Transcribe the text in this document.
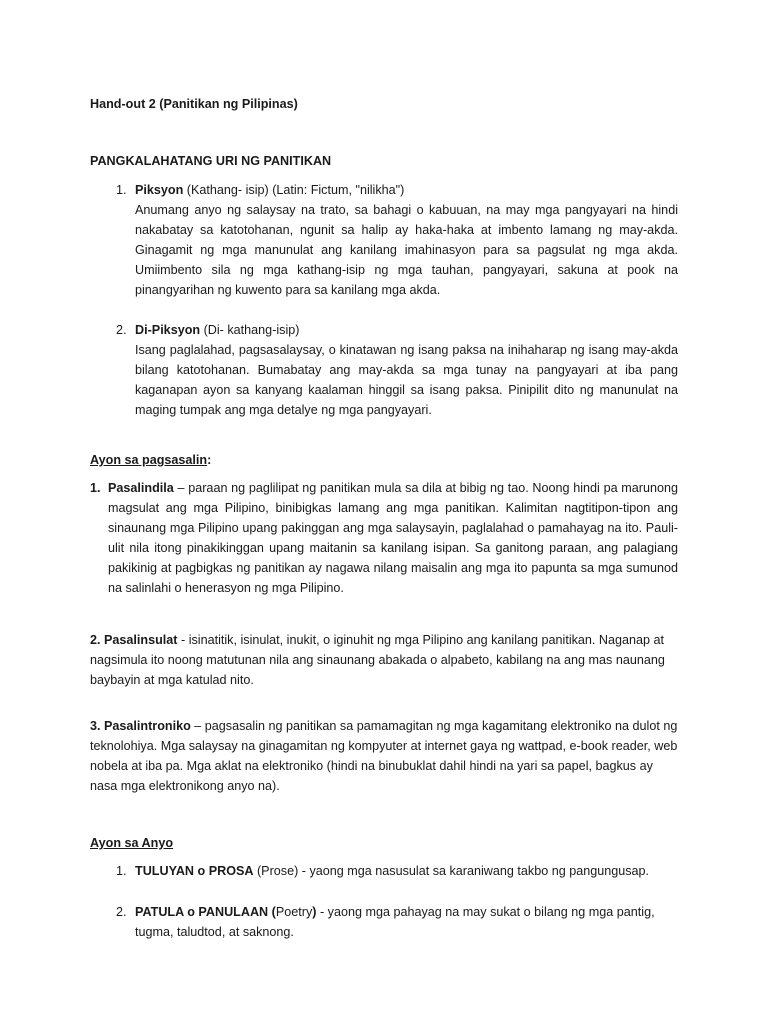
Hand-out 2 (Panitikan ng Pilipinas)
PANGKALAHATANG URI NG PANITIKAN
1. Piksyon (Kathang- isip) (Latin: Fictum, "nilikha")
Anumang anyo ng salaysay na trato, sa bahagi o kabuuan, na may mga pangyayari na hindi nakabatay sa katotohanan, ngunit sa halip ay haka-haka at imbento lamang ng may-akda. Ginagamit ng mga manunulat ang kanilang imahinasyon para sa pagsulat ng mga akda. Umiimbento sila ng mga kathang-isip ng mga tauhan, pangyayari, sakuna at pook na pinangyarihan ng kuwento para sa kanilang mga akda.
2. Di-Piksyon (Di- kathang-isip)
Isang paglalahad, pagsasalaysay, o kinatawan ng isang paksa na inihaharap ng isang may-akda bilang katotohanan. Bumabatay ang may-akda sa mga tunay na pangyayari at iba pang kaganapan ayon sa kanyang kaalaman hinggil sa isang paksa. Pinipilit dito ng manunulat na maging tumpak ang mga detalye ng mga pangyayari.
Ayon sa pagsasalin:
1. Pasalindila – paraan ng paglilipat ng panitikan mula sa dila at bibig ng tao. Noong hindi pa marunong magsulat ang mga Pilipino, binibigkas lamang ang mga panitikan. Kalimitan nagtitipon-tipon ang sinaunang mga Pilipino upang pakinggan ang mga salaysayin, paglalahad o pamahayag na ito. Pauli-ulit nila itong pinakikinggan upang maitanin sa kanilang isipan. Sa ganitong paraan, ang palagiang pakikinig at pagbigkas ng panitikan ay nagawa nilang maisalin ang mga ito papunta sa mga sumunod na salinlahi o henerasyon ng mga Pilipino.
2. Pasalinsulat - isinatitik, isinulat, inukit, o iginuhit ng mga Pilipino ang kanilang panitikan. Naganap at nagsimula ito noong matutunan nila ang sinaunang abakada o alpabeto, kabilang na ang mas naunang baybayin at mga katulad nito.
3. Pasalintroniko – pagsasalin ng panitikan sa pamamagitan ng mga kagamitang elektroniko na dulot ng teknolohiya. Mga salaysay na ginagamitan ng kompyuter at internet gaya ng wattpad, e-book reader, web nobela at iba pa. Mga aklat na elektroniko (hindi na binubuklat dahil hindi na yari sa papel, bagkus ay nasa mga elektronikong anyo na).
Ayon sa Anyo
1. TULUYAN o PROSA (Prose) - yaong mga nasusulat sa karaniwang takbo ng pangungusap.
2. PATULA o PANULAAN (Poetry) - yaong mga pahayag na may sukat o bilang ng mga pantig, tugma, taludtod, at saknong.
